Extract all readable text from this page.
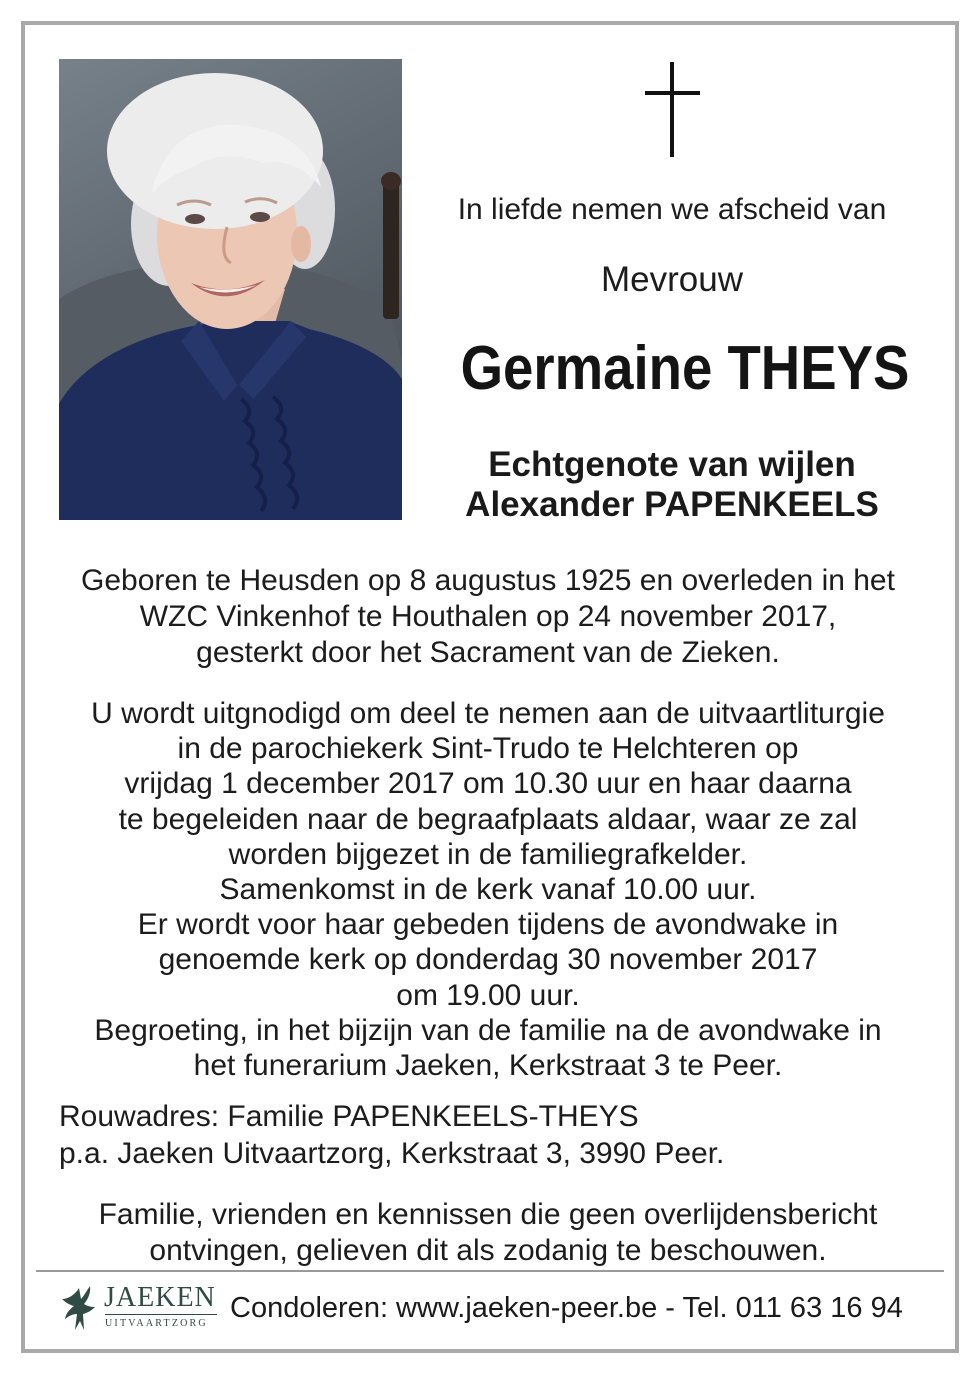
In liefde nemen we afscheid van
Mevrouw
Germaine THEYS
Echtgenote van wijlen
Alexander PAPENKEELS
Geboren te Heusden op 8 augustus 1925 en overleden in het
WZC Vinkenhof te Houthalen op 24 november 2017,
gesterkt door het Sacrament van de Zieken.
U wordt uitgnodigd om deel te nemen aan de uitvaartliturgie
in de parochiekerk Sint-Trudo te Helchteren op
vrijdag 1 december 2017 om 10.30 uur en haar daarna
te begeleiden naar de begraafplaats aldaar, waar ze zal
worden bijgezet in de familiegrafkelder.
Samenkomst in de kerk vanaf 10.00 uur.
Er wordt voor haar gebeden tijdens de avondwake in
genoemde kerk op donderdag 30 november 2017
om 19.00 uur.
Begroeting, in het bijzijn van de familie na de avondwake in
het funerarium Jaeken, Kerkstraat 3 te Peer.
Rouwadres: Familie PAPENKEELS-THEYS
p.a. Jaeken Uitvaartzorg, Kerkstraat 3, 3990 Peer.
Familie, vrienden en kennissen die geen overlijdensbericht
ontvingen, gelieven dit als zodanig te beschouwen.
JAEKEN
UITVAARTZORG Condoleren: www.jaeken-peer.be - Tel. 011 63 16 94
